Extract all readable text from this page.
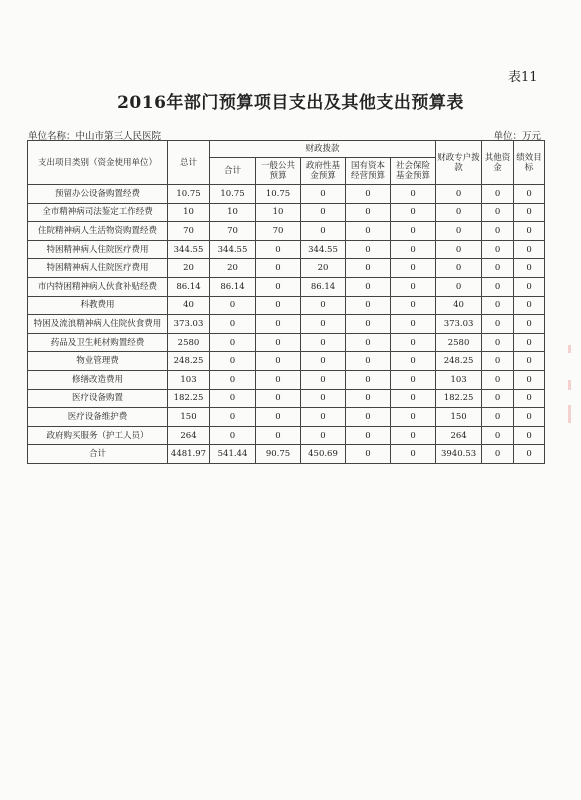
表11
2016年部门预算项目支出及其他支出预算表
单位名称：中山市第三人民医院	单位：万元
支出项目类别（资金使用单位）	总计	财政拨款					财政专户拨款	其他资金	绩效目标
		合计	一般公共预算	政府性基金预算	国有资本经营预算	社会保险基金预算			
预留办公设备购置经费	10.75	10.75	10.75	0	0	0	0	0	0
全市精神病司法鉴定工作经费	10	10	10	0	0	0	0	0	0
住院精神病人生活物资购置经费	70	70	70	0	0	0	0	0	0
特困精神病人住院医疗费用	344.55	344.55	0	344.55	0	0	0	0	0
特困精神病人住院医疗费用	20	20	0	20	0	0	0	0	0
市内特困精神病人伙食补贴经费	86.14	86.14	0	86.14	0	0	0	0	0
科教费用	40	0	0	0	0	0	40	0	0
特困及流浪精神病人住院伙食费用	373.03	0	0	0	0	0	373.03	0	0
药品及卫生耗材购置经费	2580	0	0	0	0	0	2580	0	0
物业管理费	248.25	0	0	0	0	0	248.25	0	0
修缮改造费用	103	0	0	0	0	0	103	0	0
医疗设备购置	182.25	0	0	0	0	0	182.25	0	0
医疗设备维护费	150	0	0	0	0	0	150	0	0
政府购买服务（护工人员）	264	0	0	0	0	0	264	0	0
合计	4481.97	541.44	90.75	450.69	0	0	3940.53	0	0
